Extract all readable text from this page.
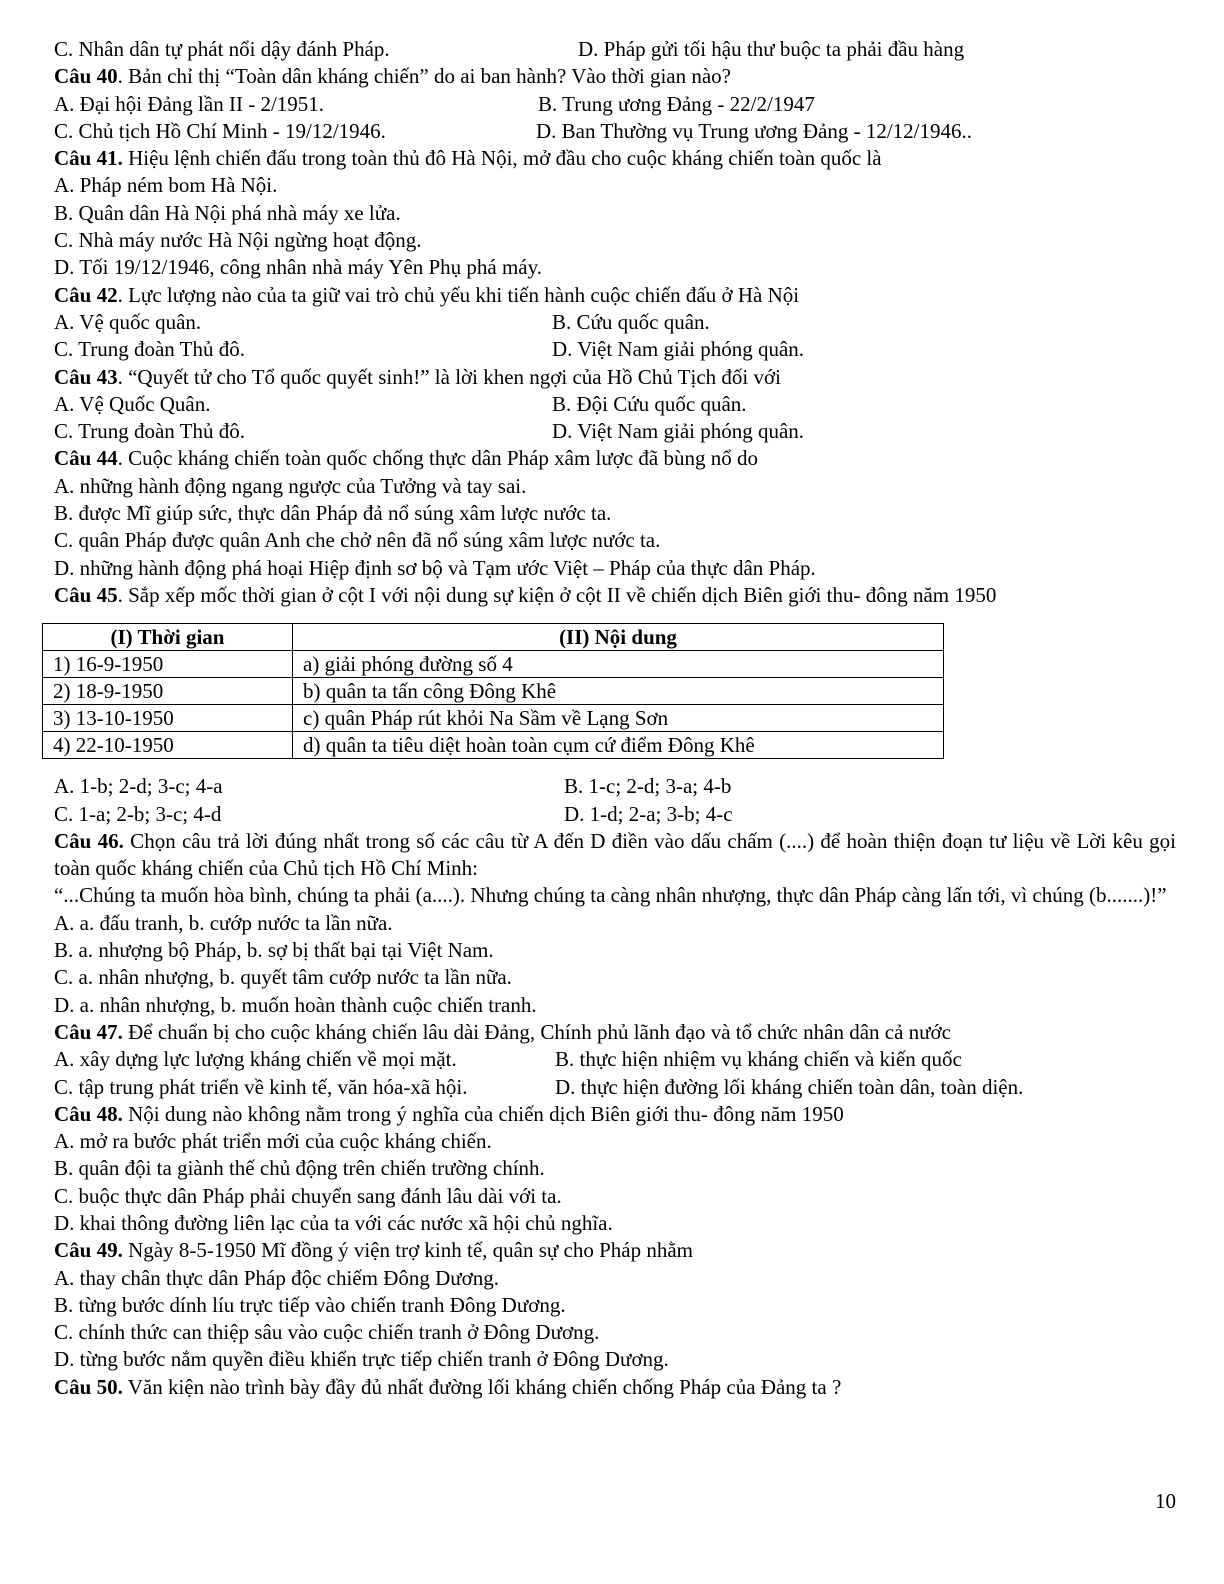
C. Nhân dân tự phát nổi dậy đánh Pháp.	D. Pháp gửi tối hậu thư buộc ta phải đầu hàng
Câu 40. Bản chỉ thị “Toàn dân kháng chiến” do ai ban hành? Vào thời gian nào?
A. Đại hội Đảng lần II - 2/1951.	B. Trung ương Đảng - 22/2/1947
C. Chủ tịch Hồ Chí Minh - 19/12/1946.	D. Ban Thường vụ Trung ương Đảng - 12/12/1946..
Câu 41. Hiệu lệnh chiến đấu trong toàn thủ đô Hà Nội, mở đầu cho cuộc kháng chiến toàn quốc là
A. Pháp ném bom Hà Nội.
B. Quân dân Hà Nội phá nhà máy xe lửa.
C. Nhà máy nước Hà Nội ngừng hoạt động.
D. Tối 19/12/1946, công nhân nhà máy Yên Phụ phá máy.
Câu 42. Lực lượng nào của ta giữ vai trò chủ yếu khi tiến hành cuộc chiến đấu ở Hà Nội
A. Vệ quốc quân.	B. Cứu quốc quân.
C. Trung đoàn Thủ đô.	D. Việt Nam giải phóng quân.
Câu 43. “Quyết tử cho Tổ quốc quyết sinh!” là lời khen ngợi của Hồ Chủ Tịch đối với
A. Vệ Quốc Quân.	B. Đội Cứu quốc quân.
C. Trung đoàn Thủ đô.	D. Việt Nam giải phóng quân.
Câu 44. Cuộc kháng chiến toàn quốc chống thực dân Pháp xâm lược đã bùng nổ do
A. những hành động ngang ngược của Tưởng và tay sai.
B. được Mĩ giúp sức, thực dân Pháp đả nổ súng xâm lược nước ta.
C. quân Pháp được quân Anh che chở nên đã nổ súng xâm lược nước ta.
D. những hành động phá hoại Hiệp định sơ bộ và Tạm ước Việt – Pháp của thực dân Pháp.
Câu 45. Sắp xếp mốc thời gian ở cột I với nội dung sự kiện ở cột II về chiến dịch Biên giới thu- đông năm 1950
(I) Thời gian	(II) Nội dung
1) 16-9-1950	a) giải phóng đường số 4
2) 18-9-1950	b) quân ta tấn công Đông Khê
3) 13-10-1950	c) quân Pháp rút khỏi Na Sầm về Lạng Sơn
4) 22-10-1950	d) quân ta tiêu diệt hoàn toàn cụm cứ điểm Đông Khê
A. 1-b; 2-d; 3-c; 4-a	B. 1-c; 2-d; 3-a; 4-b
C. 1-a; 2-b; 3-c; 4-d	D. 1-d; 2-a; 3-b; 4-c
Câu 46. Chọn câu trả lời đúng nhất trong số các câu từ A đến D điền vào dấu chấm (....) để hoàn thiện đoạn tư liệu về Lời kêu gọi toàn quốc kháng chiến của Chủ tịch Hồ Chí Minh:
“...Chúng ta muốn hòa bình, chúng ta phải (a....). Nhưng chúng ta càng nhân nhượng, thực dân Pháp càng lấn tới, vì chúng (b.......)!”
A. a. đấu tranh, b. cướp nước ta lần nữa.
B. a. nhượng bộ Pháp, b. sợ bị thất bại tại Việt Nam.
C. a. nhân nhượng, b. quyết tâm cướp nước ta lần nữa.
D. a. nhân nhượng, b. muốn hoàn thành cuộc chiến tranh.
Câu 47. Để chuẩn bị cho cuộc kháng chiến lâu dài Đảng, Chính phủ lãnh đạo và tổ chức nhân dân cả nước
A. xây dựng lực lượng kháng chiến về mọi mặt.	B. thực hiện nhiệm vụ kháng chiến và kiến quốc
C. tập trung phát triển về kinh tế, văn hóa-xã hội.	D. thực hiện đường lối kháng chiến toàn dân, toàn diện.
Câu 48. Nội dung nào không nằm trong ý nghĩa của chiến dịch Biên giới thu- đông năm 1950
A. mở ra bước phát triển mới của cuộc kháng chiến.
B. quân đội ta giành thế chủ động trên chiến trường chính.
C. buộc thực dân Pháp phải chuyển sang đánh lâu dài với ta.
D. khai thông đường liên lạc của ta với các nước xã hội chủ nghĩa.
Câu 49. Ngày 8-5-1950 Mĩ đồng ý viện trợ kinh tế, quân sự cho Pháp nhằm
A. thay chân thực dân Pháp độc chiếm Đông Dương.
B. từng bước dính líu trực tiếp vào chiến tranh Đông Dương.
C. chính thức can thiệp sâu vào cuộc chiến tranh ở Đông Dương.
D. từng bước nắm quyền điều khiển trực tiếp chiến tranh ở Đông Dương.
Câu 50. Văn kiện nào trình bày đầy đủ nhất đường lối kháng chiến chống Pháp của Đảng ta ?
10
